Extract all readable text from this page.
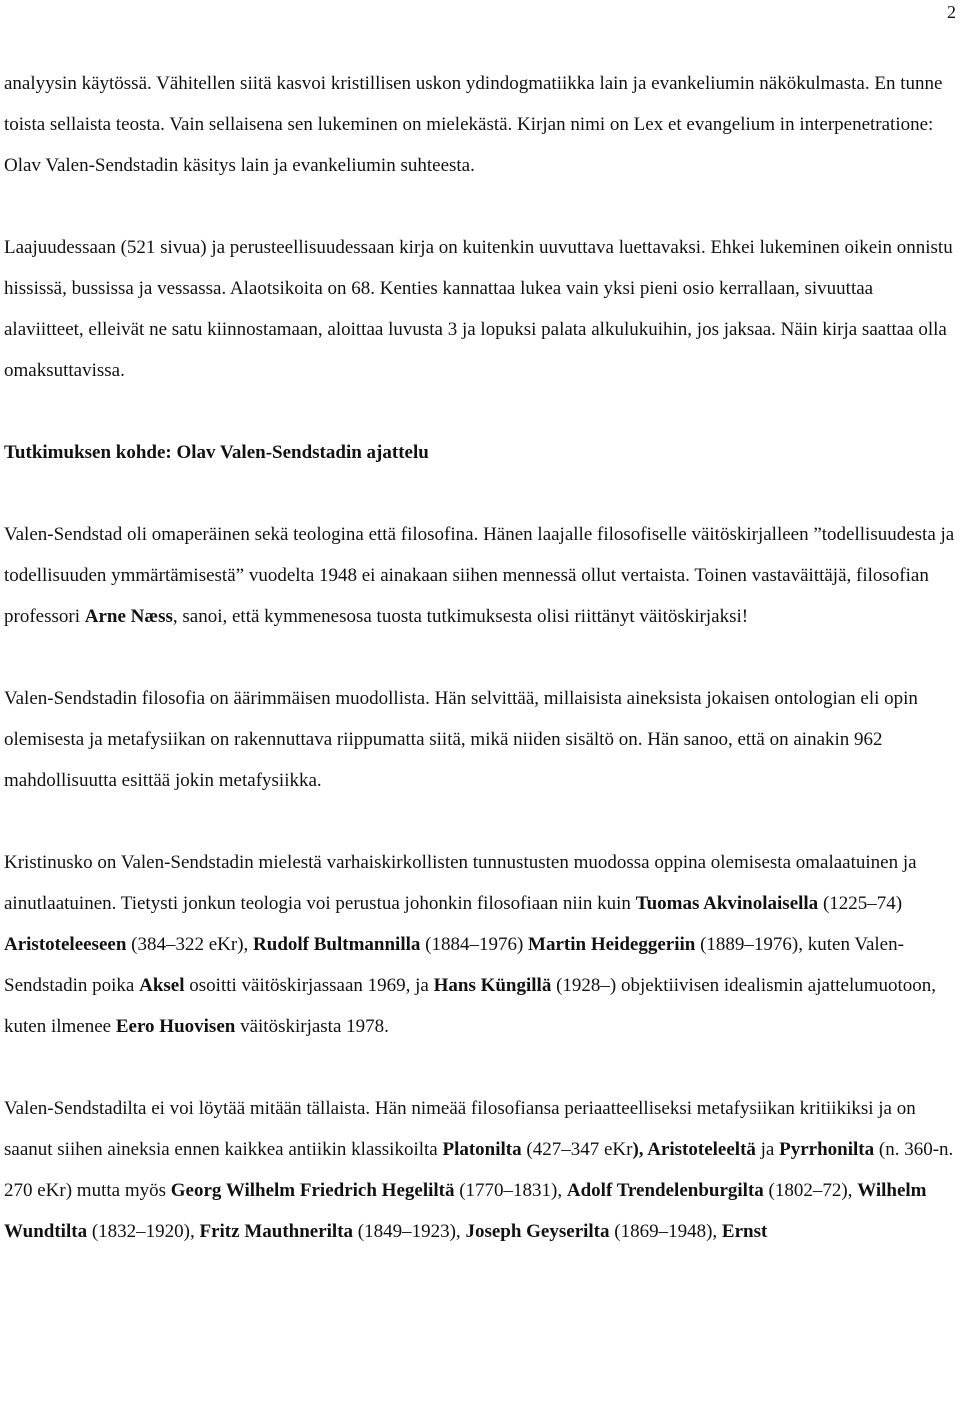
2

analyysin käytössä. Vähitellen siitä kasvoi kristillisen uskon ydindogmatiikka lain ja evankeliumin näkökulmasta. En tunne toista sellaista teosta. Vain sellaisena sen lukeminen on mielekästä. Kirjan nimi on Lex et evangelium in interpenetratione: Olav Valen-Sendstadin käsitys lain ja evankeliumin suhteesta.

Laajuudessaan (521 sivua) ja perusteellisuudessaan kirja on kuitenkin uuvuttava luettavaksi. Ehkei lukeminen oikein onnistu hississä, bussissa ja vessassa. Alaotsikoita on 68. Kenties kannattaa lukea vain yksi pieni osio kerrallaan, sivuuttaa alaviitteet, elleivät ne satu kiinnostamaan, aloittaa luvusta 3 ja lopuksi palata alkulukuihin, jos jaksaa. Näin kirja saattaa olla omaksuttavissa.

Tutkimuksen kohde: Olav Valen-Sendstadin ajattelu

Valen-Sendstad oli omaperäinen sekä teologina että filosofina. Hänen laajalle filosofiselle väitöskirjalleen ”todellisuudesta ja todellisuuden ymmärtämisestä” vuodelta 1948 ei ainakaan siihen mennessä ollut vertaista. Toinen vastaväittäjä, filosofian professori Arne Næss, sanoi, että kymmenesosa tuosta tutkimuksesta olisi riittänyt väitöskirjaksi!

Valen-Sendstadin filosofia on äärimmäisen muodollista. Hän selvittää, millaisista aineksista jokaisen ontologian eli opin olemisesta ja metafysiikan on rakennuttava riippumatta siitä, mikä niiden sisältö on. Hän sanoo, että on ainakin 962 mahdollisuutta esittää jokin metafysiikka.

Kristinusko on Valen-Sendstadin mielestä varhaiskirkollisten tunnustusten muodossa oppina olemisesta omalaatuinen ja ainutlaatuinen. Tietysti jonkun teologia voi perustua johonkin filosofiaan niin kuin Tuomas Akvinolaisella (1225–74) Aristoteleeseen (384–322 eKr), Rudolf Bultmannilla (1884–1976) Martin Heideggeriin (1889–1976), kuten Valen-Sendstadin poika Aksel osoitti väitöskirjassaan 1969, ja Hans Küngillä (1928–) objektiivisen idealismin ajattelumuotoon, kuten ilmenee Eero Huovisen väitöskirjasta 1978.

Valen-Sendstadilta ei voi löytää mitään tällaista. Hän nimeää filosofiansa periaatteelliseksi metafysiikan kritiikiksi ja on saanut siihen aineksia ennen kaikkea antiikin klassikoilta Platonilta (427–347 eKr), Aristoteleeltä ja Pyrrhonilta (n. 360-n. 270 eKr) mutta myös Georg Wilhelm Friedrich Hegeliltä (1770–1831), Adolf Trendelenburgilta (1802–72), Wilhelm Wundtilta (1832–1920), Fritz Mauthnerilta (1849–1923), Joseph Geyserilta (1869–1948), Ernst
